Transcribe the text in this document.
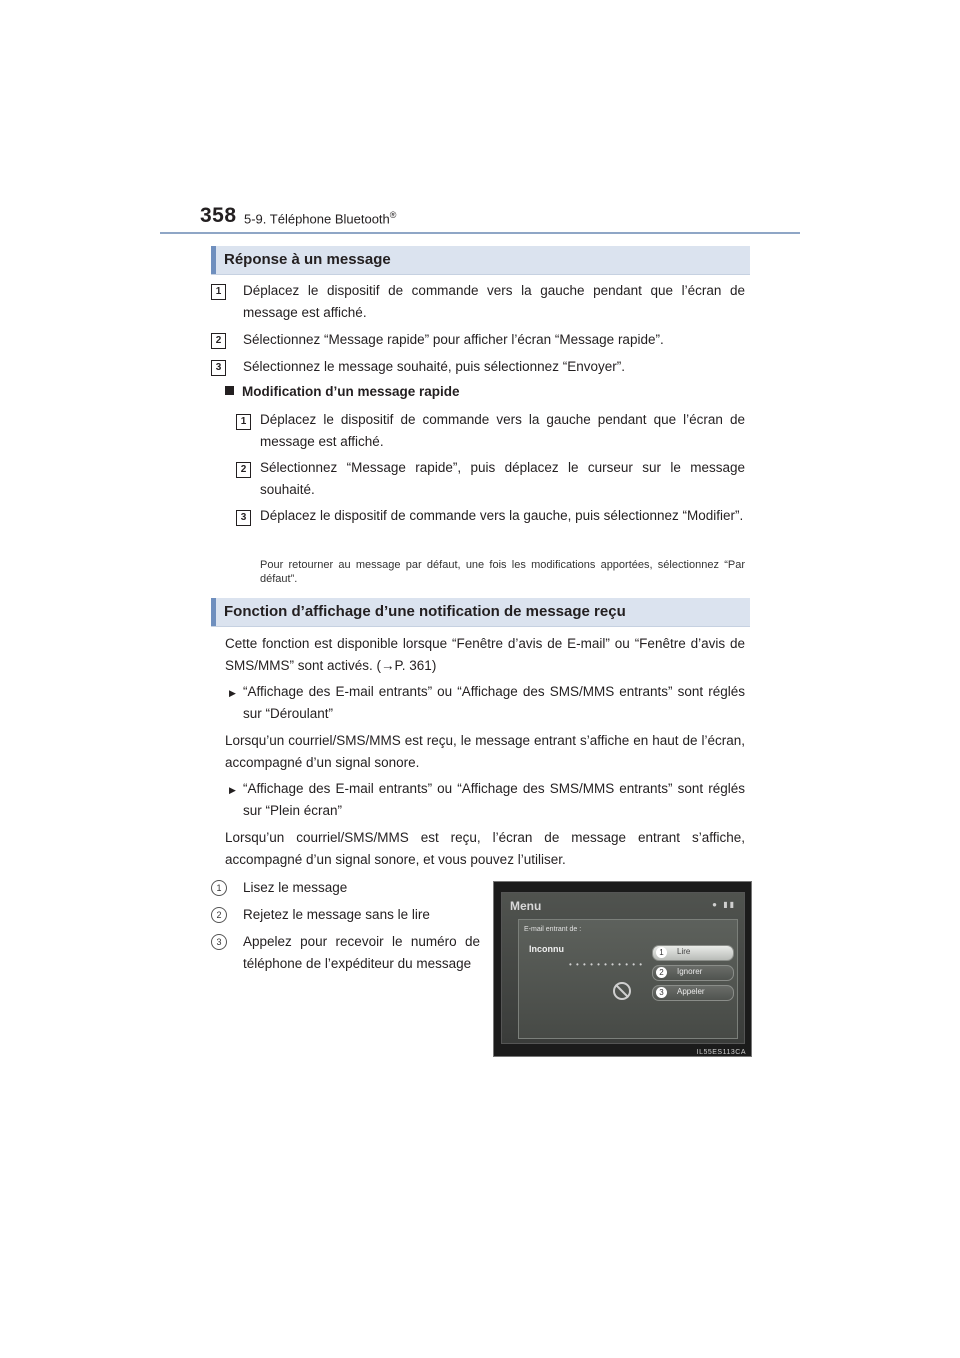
358 5-9. Téléphone Bluetooth®
Réponse à un message
1	Déplacez le dispositif de commande vers la gauche pendant que l’écran de message est affiché.
2	Sélectionnez “Message rapide” pour afficher l’écran “Message rapide”.
3	Sélectionnez le message souhaité, puis sélectionnez “Envoyer”.
Modification d’un message rapide
1	Déplacez le dispositif de commande vers la gauche pendant que l’écran de message est affiché.
2	Sélectionnez “Message rapide”, puis déplacez le curseur sur le message souhaité.
3	Déplacez le dispositif de commande vers la gauche, puis sélectionnez “Modifier”.
Pour retourner au message par défaut, une fois les modifications apportées, sélectionnez “Par défaut”.
Fonction d’affichage d’une notification de message reçu
Cette fonction est disponible lorsque “Fenêtre d’avis de E-mail” ou “Fenêtre d’avis de SMS/MMS” sont activés. (→P. 361)
▶ “Affichage des E-mail entrants” ou “Affichage des SMS/MMS entrants” sont réglés sur “Déroulant”
Lorsqu’un courriel/SMS/MMS est reçu, le message entrant s’affiche en haut de l’écran, accompagné d’un signal sonore.
▶ “Affichage des E-mail entrants” ou “Affichage des SMS/MMS entrants” sont réglés sur “Plein écran”
Lorsqu’un courriel/SMS/MMS est reçu, l’écran de message entrant s’affiche, accompagné d’un signal sonore, et vous pouvez l’utiliser.
1	Lisez le message
2	Rejetez le message sans le lire
3	Appelez pour recevoir le numéro de téléphone de l’expéditeur du message
Menu	● ▮▮
E-mail entrant de :
Inconnu
• • • • • • • • • • •
1	Lire
2	Ignorer
3	Appeler
IL55ES113CA
